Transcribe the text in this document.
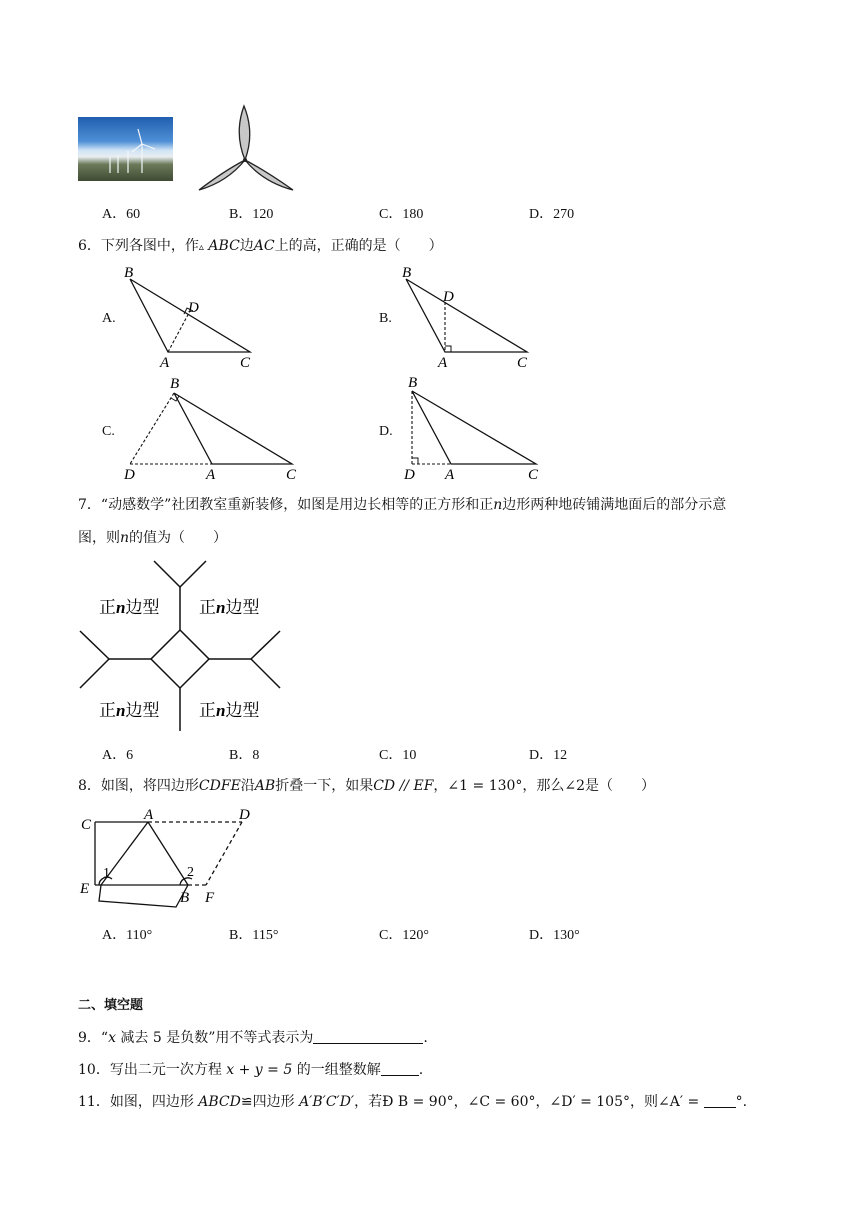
A．60	B．120	C．180	D．270
6．下列各图中，作▵ ABC边AC上的高，正确的是（　　）
A.
B
D
A	C
B.
B
D
A	C
C.
B
D	A	C
D.
B
D A	C
7．“动感数学”社团教室重新装修，如图是用边长相等的正方形和正n边形两种地砖铺满地面后的部分示意
图，则n的值为（　　）
正n边型 正n边型
正n边型 正n边型
A．6	B．8	C．10	D．12
8．如图，将四边形CDFE沿AB折叠一下，如果CD // EF，∠1 = 130°，那么∠2是（　　）
C
A	D
E
B F
1	2
A．110°	B．115°	C．120°	D．130°
二、填空题
9．“x 减去 5 是负数”用不等式表示为	.
10．写出二元一次方程 x + y = 5 的一组整数解	.
11．如图，四边形 ABCD≌四边形 A′B′C′D′，若Ð B = 90°，∠C = 60°，∠D′ = 105°，则∠A′ = °.
